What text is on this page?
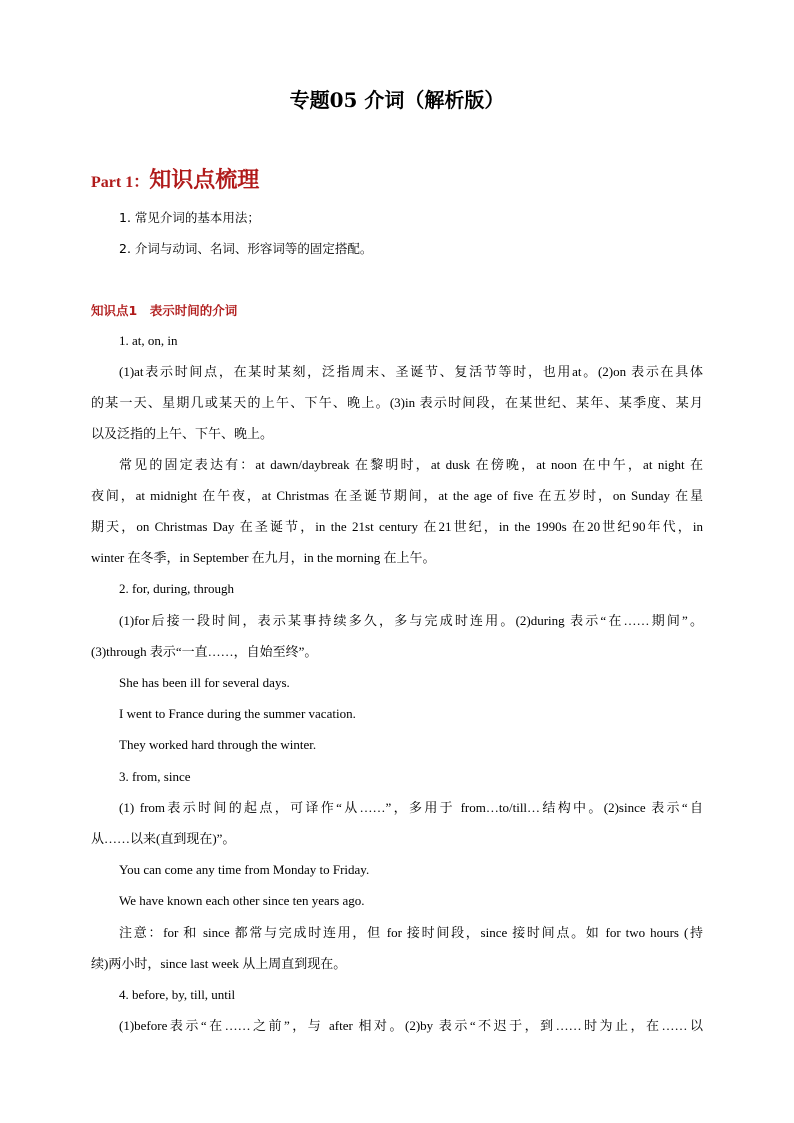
专题05 介词（解析版）
Part 1：知识点梳理
1. 常见介词的基本用法；
2. 介词与动词、名词、形容词等的固定搭配。
知识点1　表示时间的介词
1. at, on, in
(1)at表示时间点，在某时某刻，泛指周末、圣诞节、复活节等时，也用at。(2)on 表示在具体
的某一天、星期几或某天的上午、下午、晚上。(3)in 表示时间段，在某世纪、某年、某季度、某月
以及泛指的上午、下午、晚上。
常见的固定表达有：at dawn/daybreak 在黎明时，at dusk 在傍晚，at noon 在中午，at night 在
夜间，at midnight 在午夜，at Christmas 在圣诞节期间，at the age of five 在五岁时，on Sunday 在星
期天，on Christmas Day 在圣诞节，in the 21st century 在21世纪，in the 1990s 在20世纪90年代，in
winter 在冬季，in September 在九月，in the morning 在上午。
2. for, during, through
(1)for后接一段时间，表示某事持续多久，多与完成时连用。(2)during 表示“在……期间”。
(3)through 表示“一直……，自始至终”。
She has been ill for several days.
I went to France during the summer vacation.
They worked hard through the winter.
3. from, since
(1) from表示时间的起点，可译作“从……”，多用于 from…to/till…结构中。(2)since 表示“自
从……以来(直到现在)”。
You can come any time from Monday to Friday.
We have known each other since ten years ago.
注意：for 和 since 都常与完成时连用，但 for 接时间段，since 接时间点。如 for two hours (持
续)两小时，since last week 从上周直到现在。
4. before, by, till, until
(1)before表示“在……之前”，与 after 相对。(2)by 表示“不迟于，到……时为止，在……以
